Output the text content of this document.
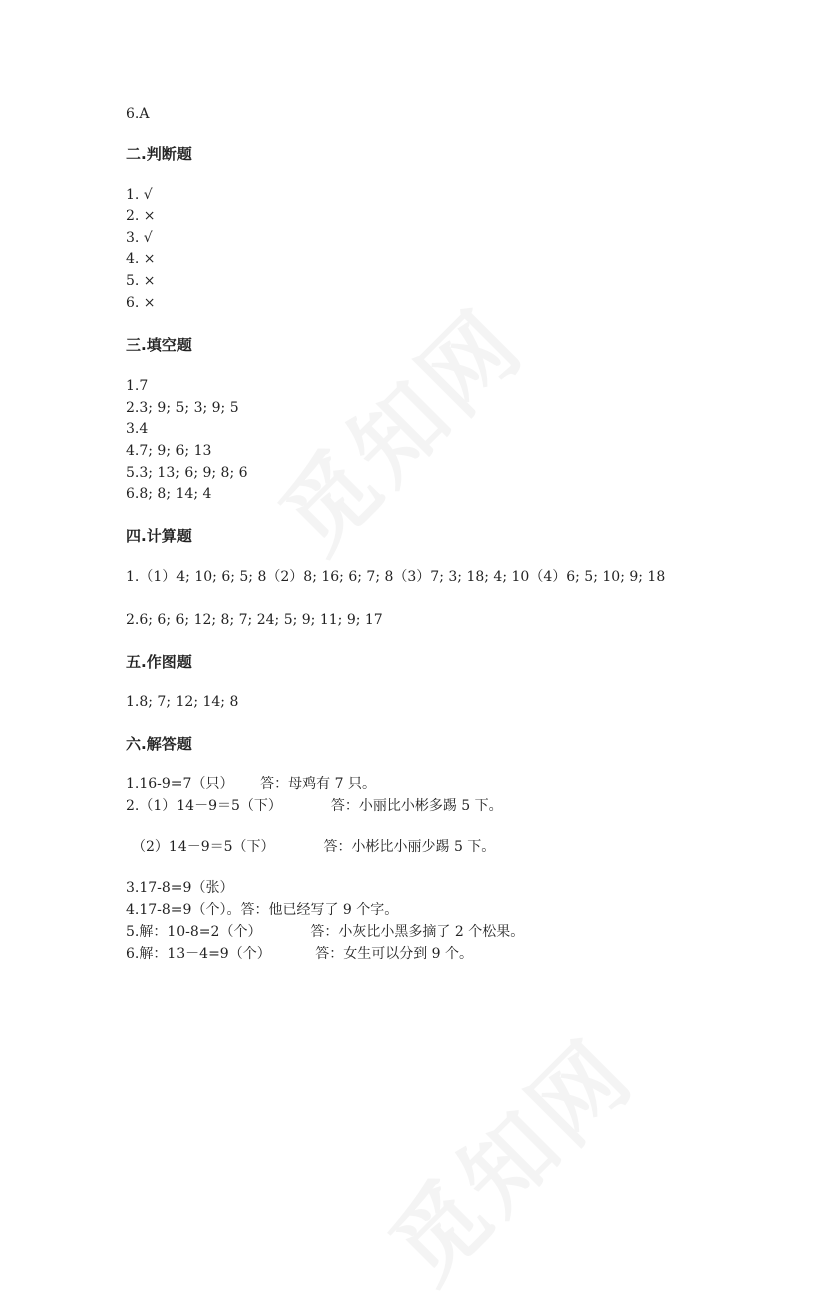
6.A
二.判断题
1. √
2. ×
3. √
4. ×
5. ×
6. ×
三.填空题
1.7
2.3; 9; 5; 3; 9; 5
3.4
4.7; 9; 6; 13
5.3; 13; 6; 9; 8; 6
6.8; 8; 14; 4
四.计算题
1.（1）4; 10; 6; 5; 8（2）8; 16; 6; 7; 8（3）7; 3; 18; 4; 10（4）6; 5; 10; 9; 18
2.6; 6; 6; 12; 8; 7; 24; 5; 9; 11; 9; 17
五.作图题
1.8; 7; 12; 14; 8
六.解答题
1.16-9=7（只）      答：母鸡有 7 只。
2.（1）14－9＝5（下）           答：小丽比小彬多踢 5 下。
（2）14－9＝5（下）           答：小彬比小丽少踢 5 下。
3.17-8=9（张）
4.17-8=9（个）。答：他已经写了 9 个字。
5.解：10-8=2（个）           答：小灰比小黑多摘了 2 个松果。
6.解：13－4=9（个）          答：女生可以分到 9 个。
